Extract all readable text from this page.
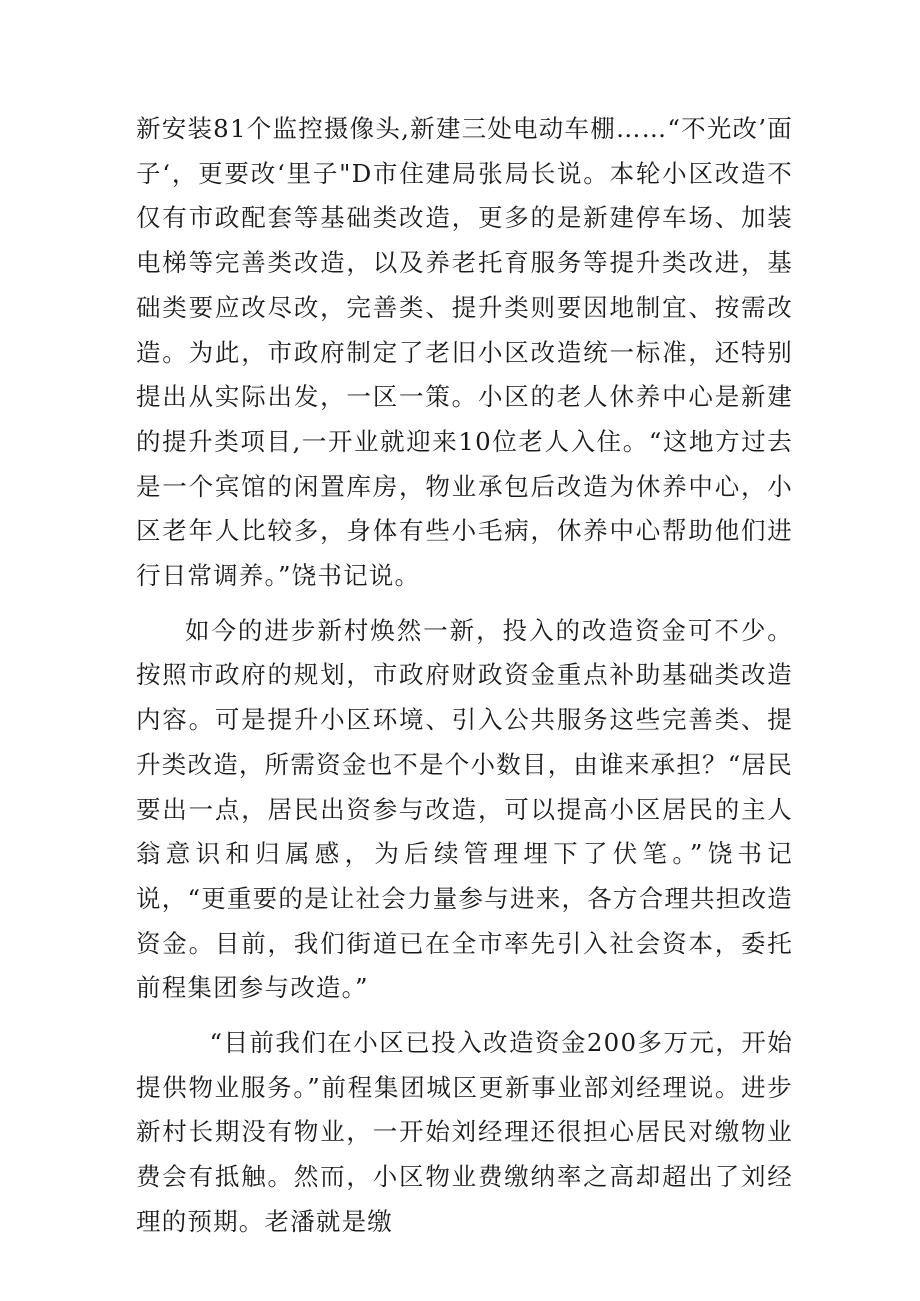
新安装81个监控摄像头,新建三处电动车棚……“不光改’面子‘，更要改‘里子"D市住建局张局长说。本轮小区改造不仅有市政配套等基础类改造，更多的是新建停车场、加装电梯等完善类改造，以及养老托育服务等提升类改进，基础类要应改尽改，完善类、提升类则要因地制宜、按需改造。为此，市政府制定了老旧小区改造统一标准，还特别提出从实际出发，一区一策。小区的老人休养中心是新建的提升类项目,一开业就迎来10位老人入住。“这地方过去是一个宾馆的闲置库房，物业承包后改造为休养中心，小区老年人比较多，身体有些小毛病，休养中心帮助他们进行日常调养。”饶书记说。

如今的进步新村焕然一新，投入的改造资金可不少。按照市政府的规划，市政府财政资金重点补助基础类改造内容。可是提升小区环境、引入公共服务这些完善类、提升类改造，所需资金也不是个小数目，由谁来承担？“居民要出一点，居民出资参与改造，可以提高小区居民的主人翁意识和归属感，为后续管理埋下了伏笔。”饶书记说，“更重要的是让社会力量参与进来，各方合理共担改造资金。目前，我们街道已在全市率先引入社会资本，委托前程集团参与改造。”

“目前我们在小区已投入改造资金200多万元，开始提供物业服务。”前程集团城区更新事业部刘经理说。进步新村长期没有物业，一开始刘经理还很担心居民对缴物业费会有抵触。然而，小区物业费缴纳率之高却超出了刘经理的预期。老潘就是缴
